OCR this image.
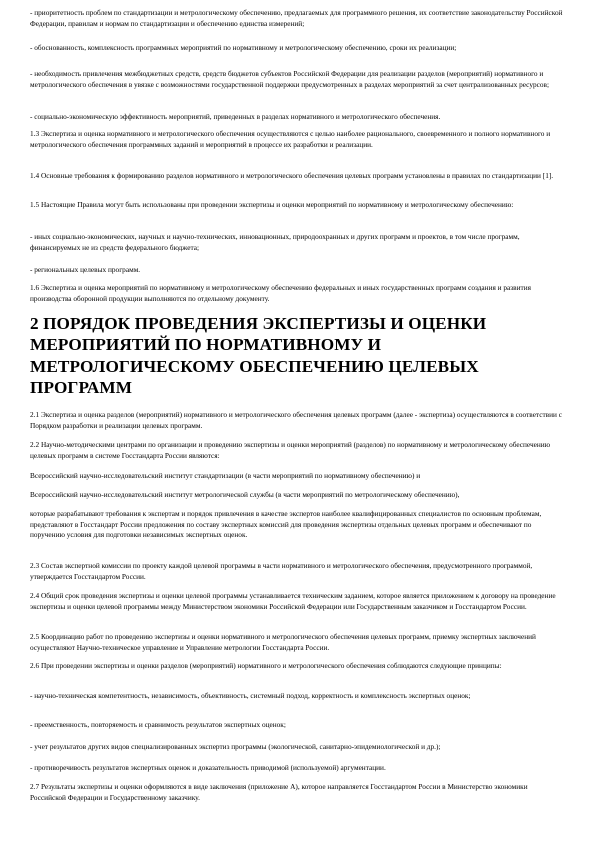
- приоритетность проблем по стандартизации и метрологическому обеспечению, предлагаемых для программного решения, их соответствие законодательству Российской Федерации, правилам и нормам по стандартизации и обеспечению единства измерений;

- обоснованность, комплексность программных мероприятий по нормативному и метрологическому обеспечению, сроки их реализации;

- необходимость привлечения межбюджетных средств, средств бюджетов субъектов Российской Федерации для реализации разделов (мероприятий) нормативного и метрологического обеспечения в увязке с возможностями государственной поддержки предусмотренных в разделах мероприятий за счет централизованных ресурсов;

- социально-экономическую эффективность мероприятий, приведенных в разделах нормативного и метрологического обеспечения.

1.3 Экспертиза и оценка нормативного и метрологического обеспечения осуществляются с целью наиболее рационального, своевременного и полного нормативного и метрологического обеспечения программных заданий и мероприятий в процессе их разработки и реализации.

1.4 Основные требования к формированию разделов нормативного и метрологического обеспечения целевых программ установлены в правилах по стандартизации [1].

1.5 Настоящие Правила могут быть использованы при проведении экспертизы и оценки мероприятий по нормативному и метрологическому обеспечению:

- иных социально-экономических, научных и научно-технических, инновационных, природоохранных и других программ и проектов, в том числе программ, финансируемых не из средств федерального бюджета;

- региональных целевых программ.

1.6 Экспертиза и оценка мероприятий по нормативному и метрологическому обеспечению федеральных и иных государственных программ создания и развития производства оборонной продукции выполняются по отдельному документу.

2 ПОРЯДОК ПРОВЕДЕНИЯ ЭКСПЕРТИЗЫ И ОЦЕНКИ МЕРОПРИЯТИЙ ПО НОРМАТИВНОМУ И МЕТРОЛОГИЧЕСКОМУ ОБЕСПЕЧЕНИЮ ЦЕЛЕВЫХ ПРОГРАММ

2.1 Экспертиза и оценка разделов (мероприятий) нормативного и метрологического обеспечения целевых программ (далее - экспертиза) осуществляются в соответствии с Порядком разработки и реализации целевых программ.

2.2 Научно-методическими центрами по организации и проведению экспертизы и оценки мероприятий (разделов) по нормативному и метрологическому обеспечению целевых программ в системе Госстандарта России являются:

Всероссийский научно-исследовательский институт стандартизации (в части мероприятий по нормативному обеспечению) и

Всероссийский научно-исследовательский институт метрологической службы (в части мероприятий по метрологическому обеспечению),

которые разрабатывают требования к экспертам и порядок привлечения в качестве экспертов наиболее квалифицированных специалистов по основным проблемам, представляют в Госстандарт России предложения по составу экспертных комиссий для проведения экспертизы отдельных целевых программ и обеспечивают по поручению условия для подготовки независимых экспертных оценок.

2.3 Состав экспертной комиссии по проекту каждой целевой программы в части нормативного и метрологического обеспечения, предусмотренного программой, утверждается Госстандартом России.

2.4 Общий срок проведения экспертизы и оценки целевой программы устанавливается техническим заданием, которое является приложением к договору на проведение экспертизы и оценки целевой программы между Министерством экономики Российской Федерации или Государственным заказчиком и Госстандартом России.

2.5 Координацию работ по проведению экспертизы и оценки нормативного и метрологического обеспечения целевых программ, приемку экспертных заключений осуществляют Научно-техническое управление и Управление метрологии Госстандарта России.

2.6 При проведении экспертизы и оценки разделов (мероприятий) нормативного и метрологического обеспечения соблюдаются следующие принципы:

- научно-техническая компетентность, независимость, объективность, системный подход, корректность и комплексность экспертных оценок;

- преемственность, повторяемость и сравнимость результатов экспертных оценок;

- учет результатов других видов специализированных экспертиз программы (экологической, санитарно-эпидемиологической и др.);

- противоречивость результатов экспертных оценок и доказательность приводимой (используемой) аргументации.

2.7 Результаты экспертизы и оценки оформляются в виде заключения (приложение А), которое направляется Госстандартом России в Министерство экономики Российской Федерации и Государственному заказчику.
